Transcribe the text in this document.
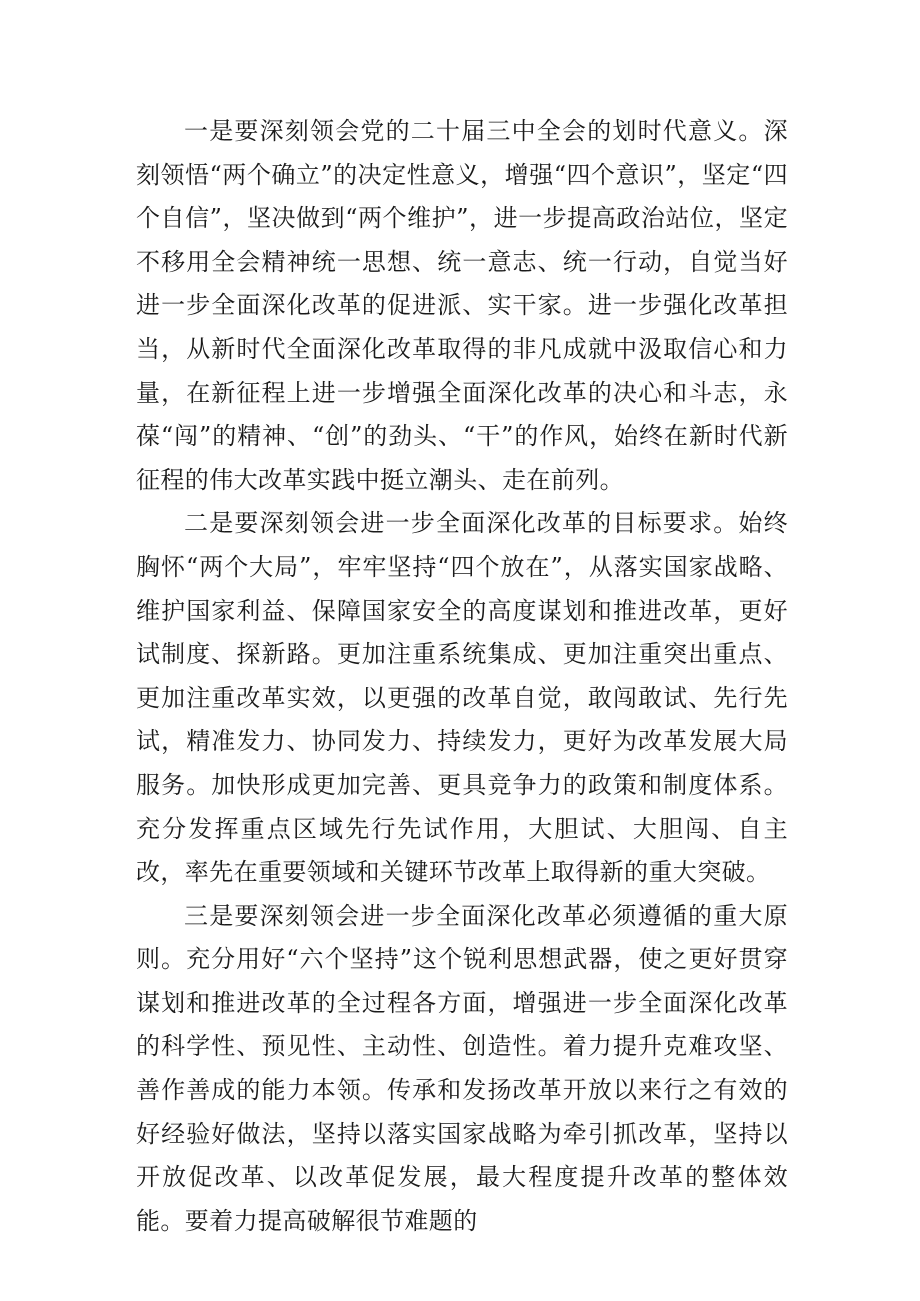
一是要深刻领会党的二十届三中全会的划时代意义。深刻领悟“两个确立”的决定性意义，增强“四个意识”，坚定“四个自信”，坚决做到“两个维护”，进一步提高政治站位，坚定不移用全会精神统一思想、统一意志、统一行动，自觉当好进一步全面深化改革的促进派、实干家。进一步强化改革担当，从新时代全面深化改革取得的非凡成就中汲取信心和力量，在新征程上进一步增强全面深化改革的决心和斗志，永葆“闯”的精神、“创”的劲头、“干”的作风，始终在新时代新征程的伟大改革实践中挺立潮头、走在前列。

二是要深刻领会进一步全面深化改革的目标要求。始终胸怀“两个大局”，牢牢坚持“四个放在”，从落实国家战略、维护国家利益、保障国家安全的高度谋划和推进改革，更好试制度、探新路。更加注重系统集成、更加注重突出重点、更加注重改革实效，以更强的改革自觉，敢闯敢试、先行先试，精准发力、协同发力、持续发力，更好为改革发展大局服务。加快形成更加完善、更具竞争力的政策和制度体系。充分发挥重点区域先行先试作用，大胆试、大胆闯、自主改，率先在重要领域和关键环节改革上取得新的重大突破。

三是要深刻领会进一步全面深化改革必须遵循的重大原则。充分用好“六个坚持”这个锐利思想武器，使之更好贯穿谋划和推进改革的全过程各方面，增强进一步全面深化改革的科学性、预见性、主动性、创造性。着力提升克难攻坚、善作善成的能力本领。传承和发扬改革开放以来行之有效的好经验好做法，坚持以落实国家战略为牵引抓改革，坚持以开放促改革、以改革促发展，最大程度提升改革的整体效能。要着力提高破解很节难题的
